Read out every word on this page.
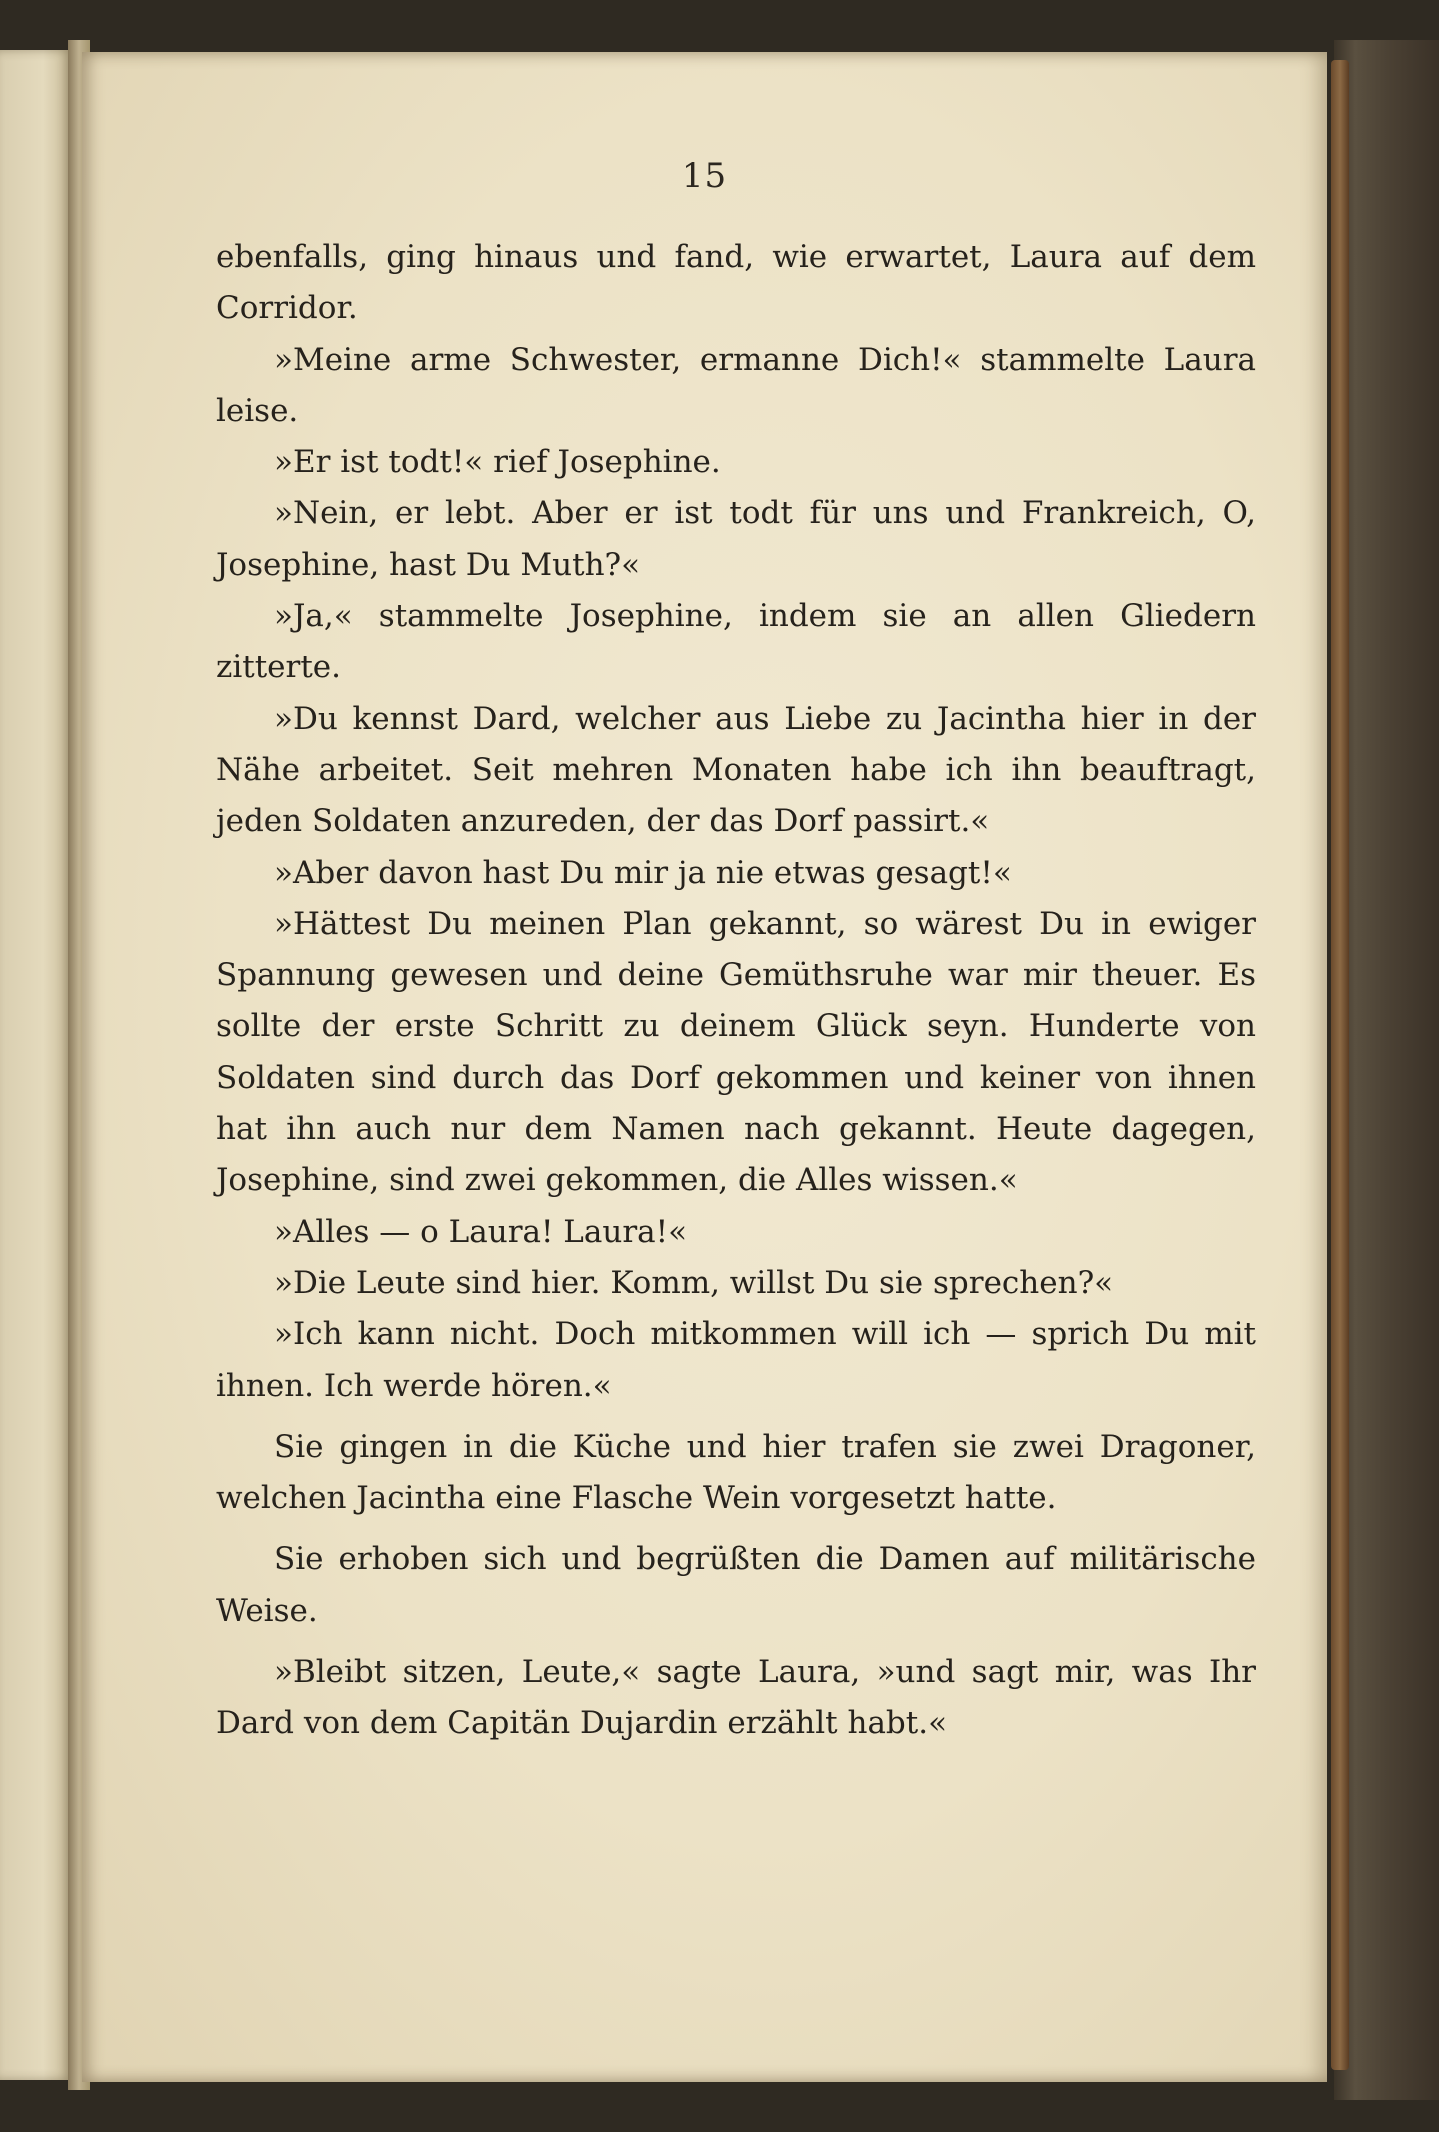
15

ebenfalls, ging hinaus und fand, wie erwartet, Laura auf dem Corridor.

»Meine arme Schwester, ermanne Dich!« stammelte Laura leise.

»Er ist todt!« rief Josephine.

»Nein, er lebt. Aber er ist todt für uns und Frankreich, O, Josephine, hast Du Muth?«

»Ja,« stammelte Josephine, indem sie an allen Gliedern zitterte.

»Du kennst Dard, welcher aus Liebe zu Jacintha hier in der Nähe arbeitet. Seit mehren Monaten habe ich ihn beauftragt, jeden Soldaten anzureden, der das Dorf passirt.«

»Aber davon hast Du mir ja nie etwas gesagt!«

»Hättest Du meinen Plan gekannt, so wärest Du in ewiger Spannung gewesen und deine Gemüthsruhe war mir theuer. Es sollte der erste Schritt zu deinem Glück seyn. Hunderte von Soldaten sind durch das Dorf gekommen und keiner von ihnen hat ihn auch nur dem Namen nach gekannt. Heute dagegen, Josephine, sind zwei gekommen, die Alles wissen.«

»Alles — o Laura! Laura!«

»Die Leute sind hier. Komm, willst Du sie sprechen?«

»Ich kann nicht. Doch mitkommen will ich — sprich Du mit ihnen. Ich werde hören.«

Sie gingen in die Küche und hier trafen sie zwei Dragoner, welchen Jacintha eine Flasche Wein vorgesetzt hatte.

Sie erhoben sich und begrüßten die Damen auf militärische Weise.

»Bleibt sitzen, Leute,« sagte Laura, »und sagt mir, was Ihr Dard von dem Capitän Dujardin erzählt habt.«
